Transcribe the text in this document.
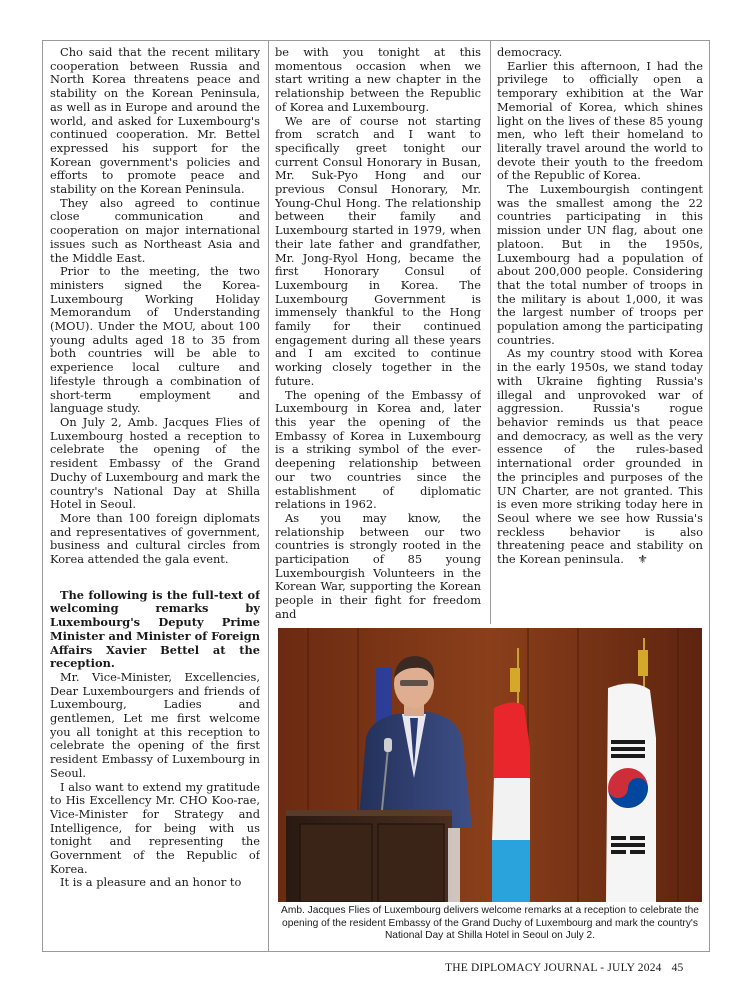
Cho said that the recent military cooperation between Russia and North Korea threatens peace and stability on the Korean Peninsula, as well as in Europe and around the world, and asked for Luxembourg's continued cooperation. Mr. Bettel expressed his support for the Korean government's policies and efforts to promote peace and stability on the Korean Peninsula.

They also agreed to continue close communication and cooperation on major international issues such as Northeast Asia and the Middle East.

Prior to the meeting, the two ministers signed the Korea-Luxembourg Working Holiday Memorandum of Understanding (MOU). Under the MOU, about 100 young adults aged 18 to 35 from both countries will be able to experience local culture and lifestyle through a combination of short-term employment and language study.

On July 2, Amb. Jacques Flies of Luxembourg hosted a reception to celebrate the opening of the resident Embassy of the Grand Duchy of Luxembourg and mark the country's National Day at Shilla Hotel in Seoul.

More than 100 foreign diplomats and representatives of government, business and cultural circles from Korea attended the gala event.

The following is the full-text of welcoming remarks by Luxembourg's Deputy Prime Minister and Minister of Foreign Affairs Xavier Bettel at the reception.

Mr. Vice-Minister, Excellencies, Dear Luxembourgers and friends of Luxembourg, Ladies and gentlemen, Let me first welcome you all tonight at this reception to celebrate the opening of the first resident Embassy of Luxembourg in Seoul.

I also want to extend my gratitude to His Excellency Mr. CHO Koo-rae, Vice-Minister for Strategy and Intelligence, for being with us tonight and representing the Government of the Republic of Korea.

It is a pleasure and an honor to

be with you tonight at this momentous occasion when we start writing a new chapter in the relationship between the Republic of Korea and Luxembourg.

We are of course not starting from scratch and I want to specifically greet tonight our current Consul Honorary in Busan, Mr. Suk-Pyo Hong and our previous Consul Honorary, Mr. Young-Chul Hong. The relationship between their family and Luxembourg started in 1979, when their late father and grandfather, Mr. Jong-Ryol Hong, became the first Honorary Consul of Luxembourg in Korea. The Luxembourg Government is immensely thankful to the Hong family for their continued engagement during all these years and I am excited to continue working closely together in the future.

The opening of the Embassy of Luxembourg in Korea and, later this year the opening of the Embassy of Korea in Luxembourg is a striking symbol of the ever-deepening relationship between our two countries since the establishment of diplomatic relations in 1962.

As you may know, the relationship between our two countries is strongly rooted in the participation of 85 young Luxembourgish Volunteers in the Korean War, supporting the Korean people in their fight for freedom and

democracy.

Earlier this afternoon, I had the privilege to officially open a temporary exhibition at the War Memorial of Korea, which shines light on the lives of these 85 young men, who left their homeland to literally travel around the world to devote their youth to the freedom of the Republic of Korea.

The Luxembourgish contingent was the smallest among the 22 countries participating in this mission under UN flag, about one platoon. But in the 1950s, Luxembourg had a population of about 200,000 people. Considering that the total number of troops in the military is about 1,000, it was the largest number of troops per population among the participating countries.

As my country stood with Korea in the early 1950s, we stand today with Ukraine fighting Russia's illegal and unprovoked war of aggression. Russia's rogue behavior reminds us that peace and democracy, as well as the very essence of the rules-based international order grounded in the principles and purposes of the UN Charter, are not granted. This is even more striking today here in Seoul where we see how Russia's reckless behavior is also threatening peace and stability on the Korean peninsula. ⚜

Amb. Jacques Flies of Luxembourg delivers welcome remarks at a reception to celebrate the opening of the resident Embassy of the Grand Duchy of Luxembourg and mark the country's National Day at Shilla Hotel in Seoul on July 2.
THE DIPLOMACY JOURNAL - JULY 2024 45
